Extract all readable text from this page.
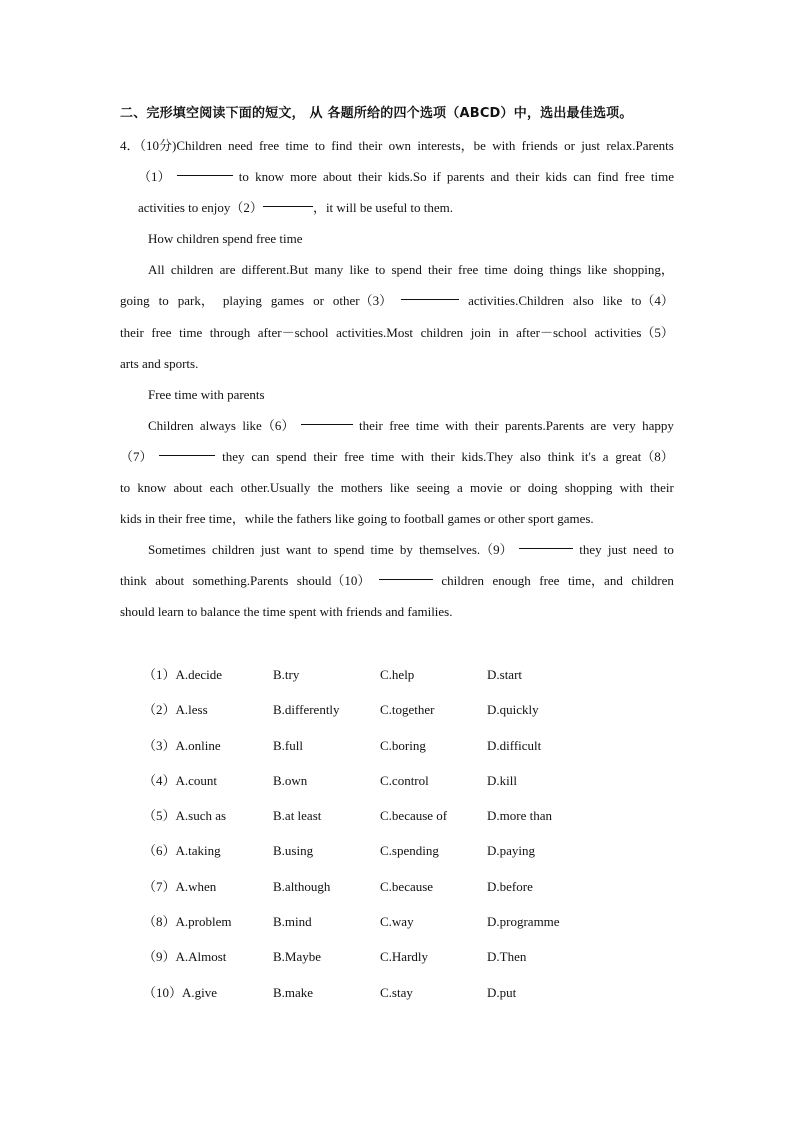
二、完形填空阅读下面的短文， 从 各题所给的四个选项（ABCD）中，选出最佳选项。
4．（10分)Children need free time to find their own interests，be with friends or just relax.Parents
（1）	to know more about their kids.So if parents and their kids can find free time
activities to enjoy（2）	，it will be useful to them.
How children spend free time
All children are different.But many like to spend their free time doing things like shopping，
going to park， playing games or other（3）	activities.Children also like to（4）
their free time through after－school activities.Most children join in after－school activities（5）
arts and sports.
Free time with parents
Children always like（6）	their free time with their parents.Parents are very happy
（7）	they can spend their free time with their kids.They also think it's a great（8）
to know about each other.Usually the mothers like seeing a movie or doing shopping with their
kids in their free time，while the fathers like going to football games or other sport games.
Sometimes children just want to spend time by themselves.（9）	they just need to
think about something.Parents should（10）	children enough free time，and children
should learn to balance the time spent with friends and families.
（1）A.decide	B.try	C.help	D.start
（2）A.less	B.differently	C.together	D.quickly
（3）A.online	B.full	C.boring	D.difficult
（4）A.count	B.own	C.control	D.kill
（5）A.such as	B.at least	C.because of	D.more than
（6）A.taking	B.using	C.spending	D.paying
（7）A.when	B.although	C.because	D.before
（8）A.problem	B.mind	C.way	D.programme
（9）A.Almost	B.Maybe	C.Hardly	D.Then
（10）A.give	B.make	C.stay	D.put
